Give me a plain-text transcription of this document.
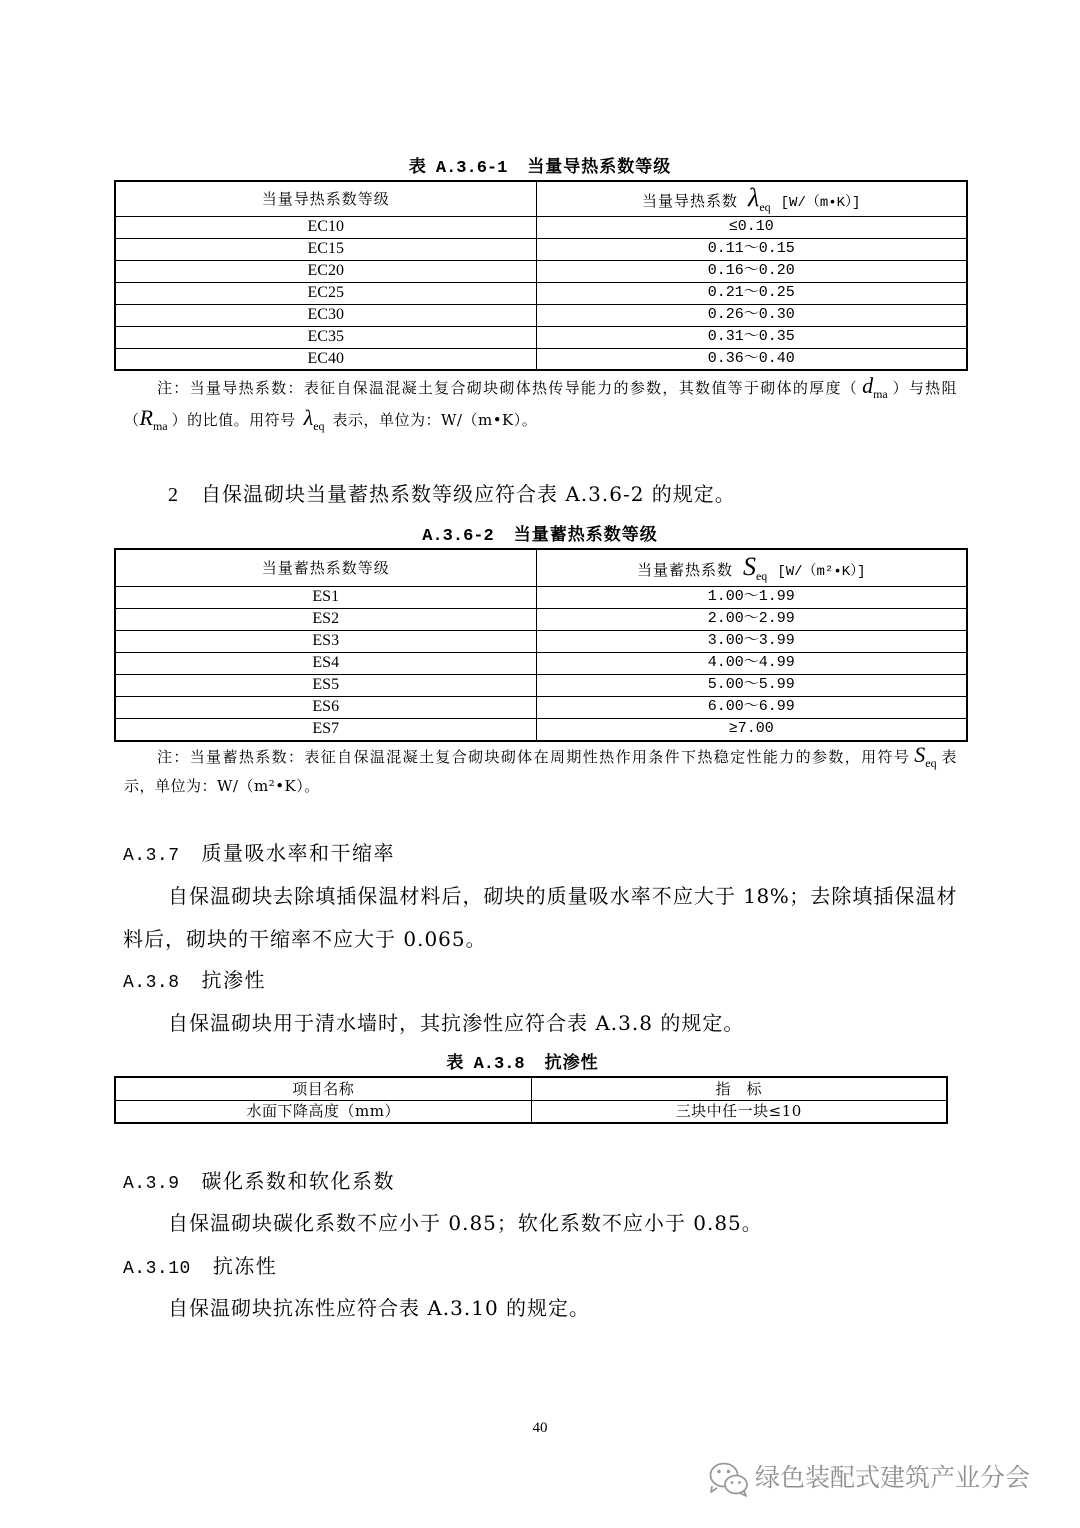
表 A.3.6-1 当量导热系数等级
当量导热系数等级	当量导热系数 $\lambda_{eq}$ [W/（m•K）]
EC10	≤0.10
EC15	0.11～0.15
EC20	0.16～0.20
EC25	0.21～0.25
EC30	0.26～0.30
EC35	0.31～0.35
EC40	0.36～0.40
注：当量导热系数：表征自保温混凝土复合砌块砌体热传导能力的参数，其数值等于砌体的厚度（ $d_{ma}$ ）与热阻
（$R_{ma}$ ）的比值。用符号 $\lambda_{eq}$ 表示，单位为：W/（m•K）。
2 自保温砌块当量蓄热系数等级应符合表 A.3.6-2 的规定。
A.3.6-2 当量蓄热系数等级
当量蓄热系数等级	当量蓄热系数 $S_{eq}$ [W/（m²•K）]
ES1	1.00～1.99
ES2	2.00～2.99
ES3	3.00～3.99
ES4	4.00～4.99
ES5	5.00～5.99
ES6	6.00～6.99
ES7	≥7.00
注：当量蓄热系数：表征自保温混凝土复合砌块砌体在周期性热作用条件下热稳定性能力的参数，用符号 $S_{eq}$ 表
示，单位为：W/（m²•K）。
A.3.7 质量吸水率和干缩率
自保温砌块去除填插保温材料后，砌块的质量吸水率不应大于 18%；去除填插保温材
料后，砌块的干缩率不应大于 0.065。
A.3.8 抗渗性
自保温砌块用于清水墙时，其抗渗性应符合表 A.3.8 的规定。
表 A.3.8 抗渗性
项目名称	指　标
水面下降高度（mm）	三块中任一块≤10
A.3.9 碳化系数和软化系数
自保温砌块碳化系数不应小于 0.85；软化系数不应小于 0.85。
A.3.10 抗冻性
自保温砌块抗冻性应符合表 A.3.10 的规定。
40
绿色装配式建筑产业分会
